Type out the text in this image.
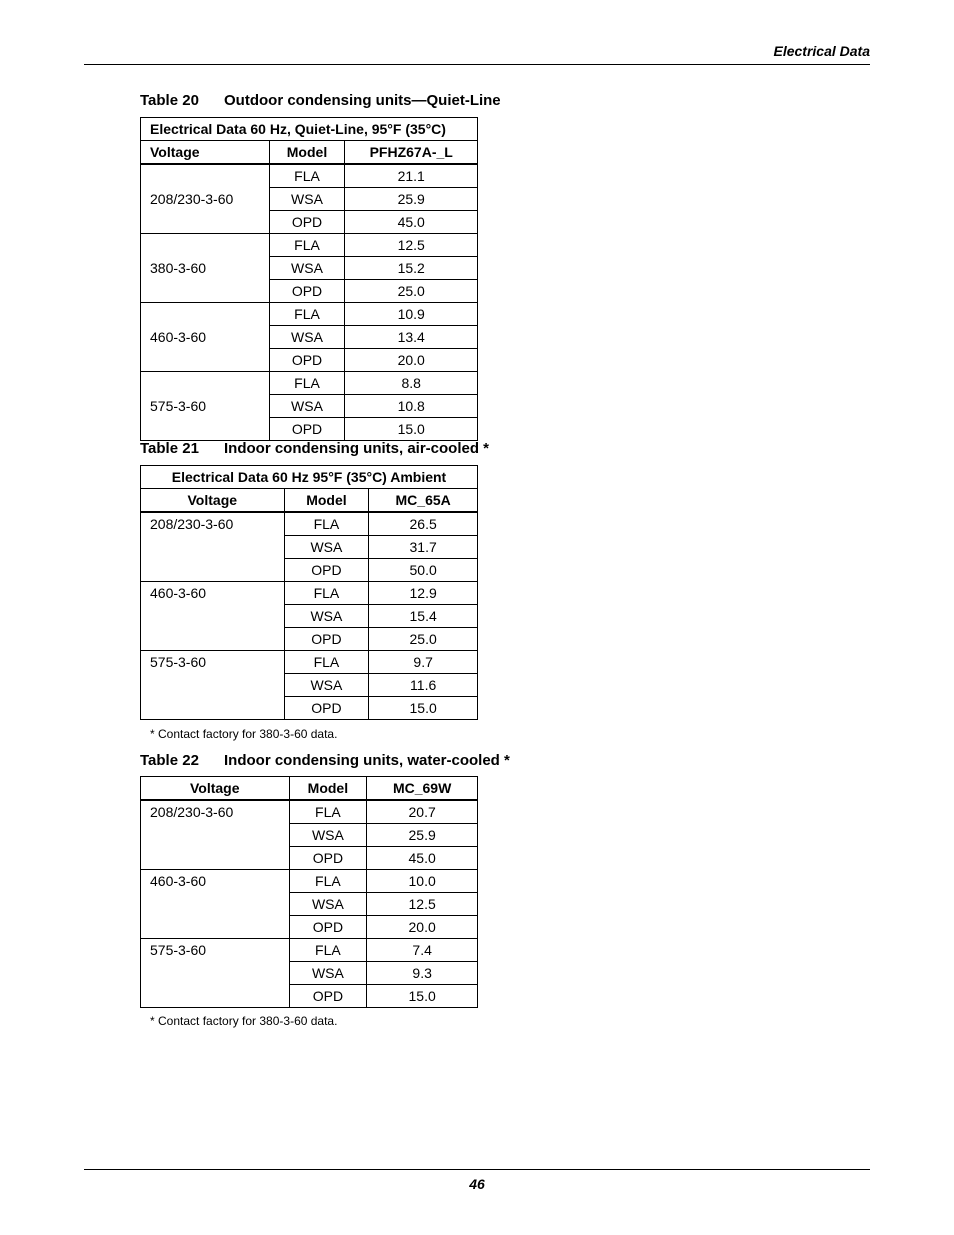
Electrical Data
Table 20 Outdoor condensing units—Quiet-Line
Electrical Data 60 Hz, Quiet-Line, 95°F (35°C)		
Voltage	Model	PFHZ67A-_L
208/230-3-60	FLA	21.1
	WSA	25.9
	OPD	45.0
380-3-60	FLA	12.5
	WSA	15.2
	OPD	25.0
460-3-60	FLA	10.9
	WSA	13.4
	OPD	20.0
575-3-60	FLA	8.8
	WSA	10.8
	OPD	15.0
Table 21 Indoor condensing units, air-cooled *
Electrical Data 60 Hz 95°F (35°C) Ambient		
Voltage	Model	MC_65A
208/230-3-60	FLA	26.5
	WSA	31.7
	OPD	50.0
460-3-60	FLA	12.9
	WSA	15.4
	OPD	25.0
575-3-60	FLA	9.7
	WSA	11.6
	OPD	15.0
* Contact factory for 380-3-60 data.
Table 22 Indoor condensing units, water-cooled *
Voltage	Model	MC_69W
208/230-3-60	FLA	20.7
	WSA	25.9
	OPD	45.0
460-3-60	FLA	10.0
	WSA	12.5
	OPD	20.0
575-3-60	FLA	7.4
	WSA	9.3
	OPD	15.0
* Contact factory for 380-3-60 data.
46
